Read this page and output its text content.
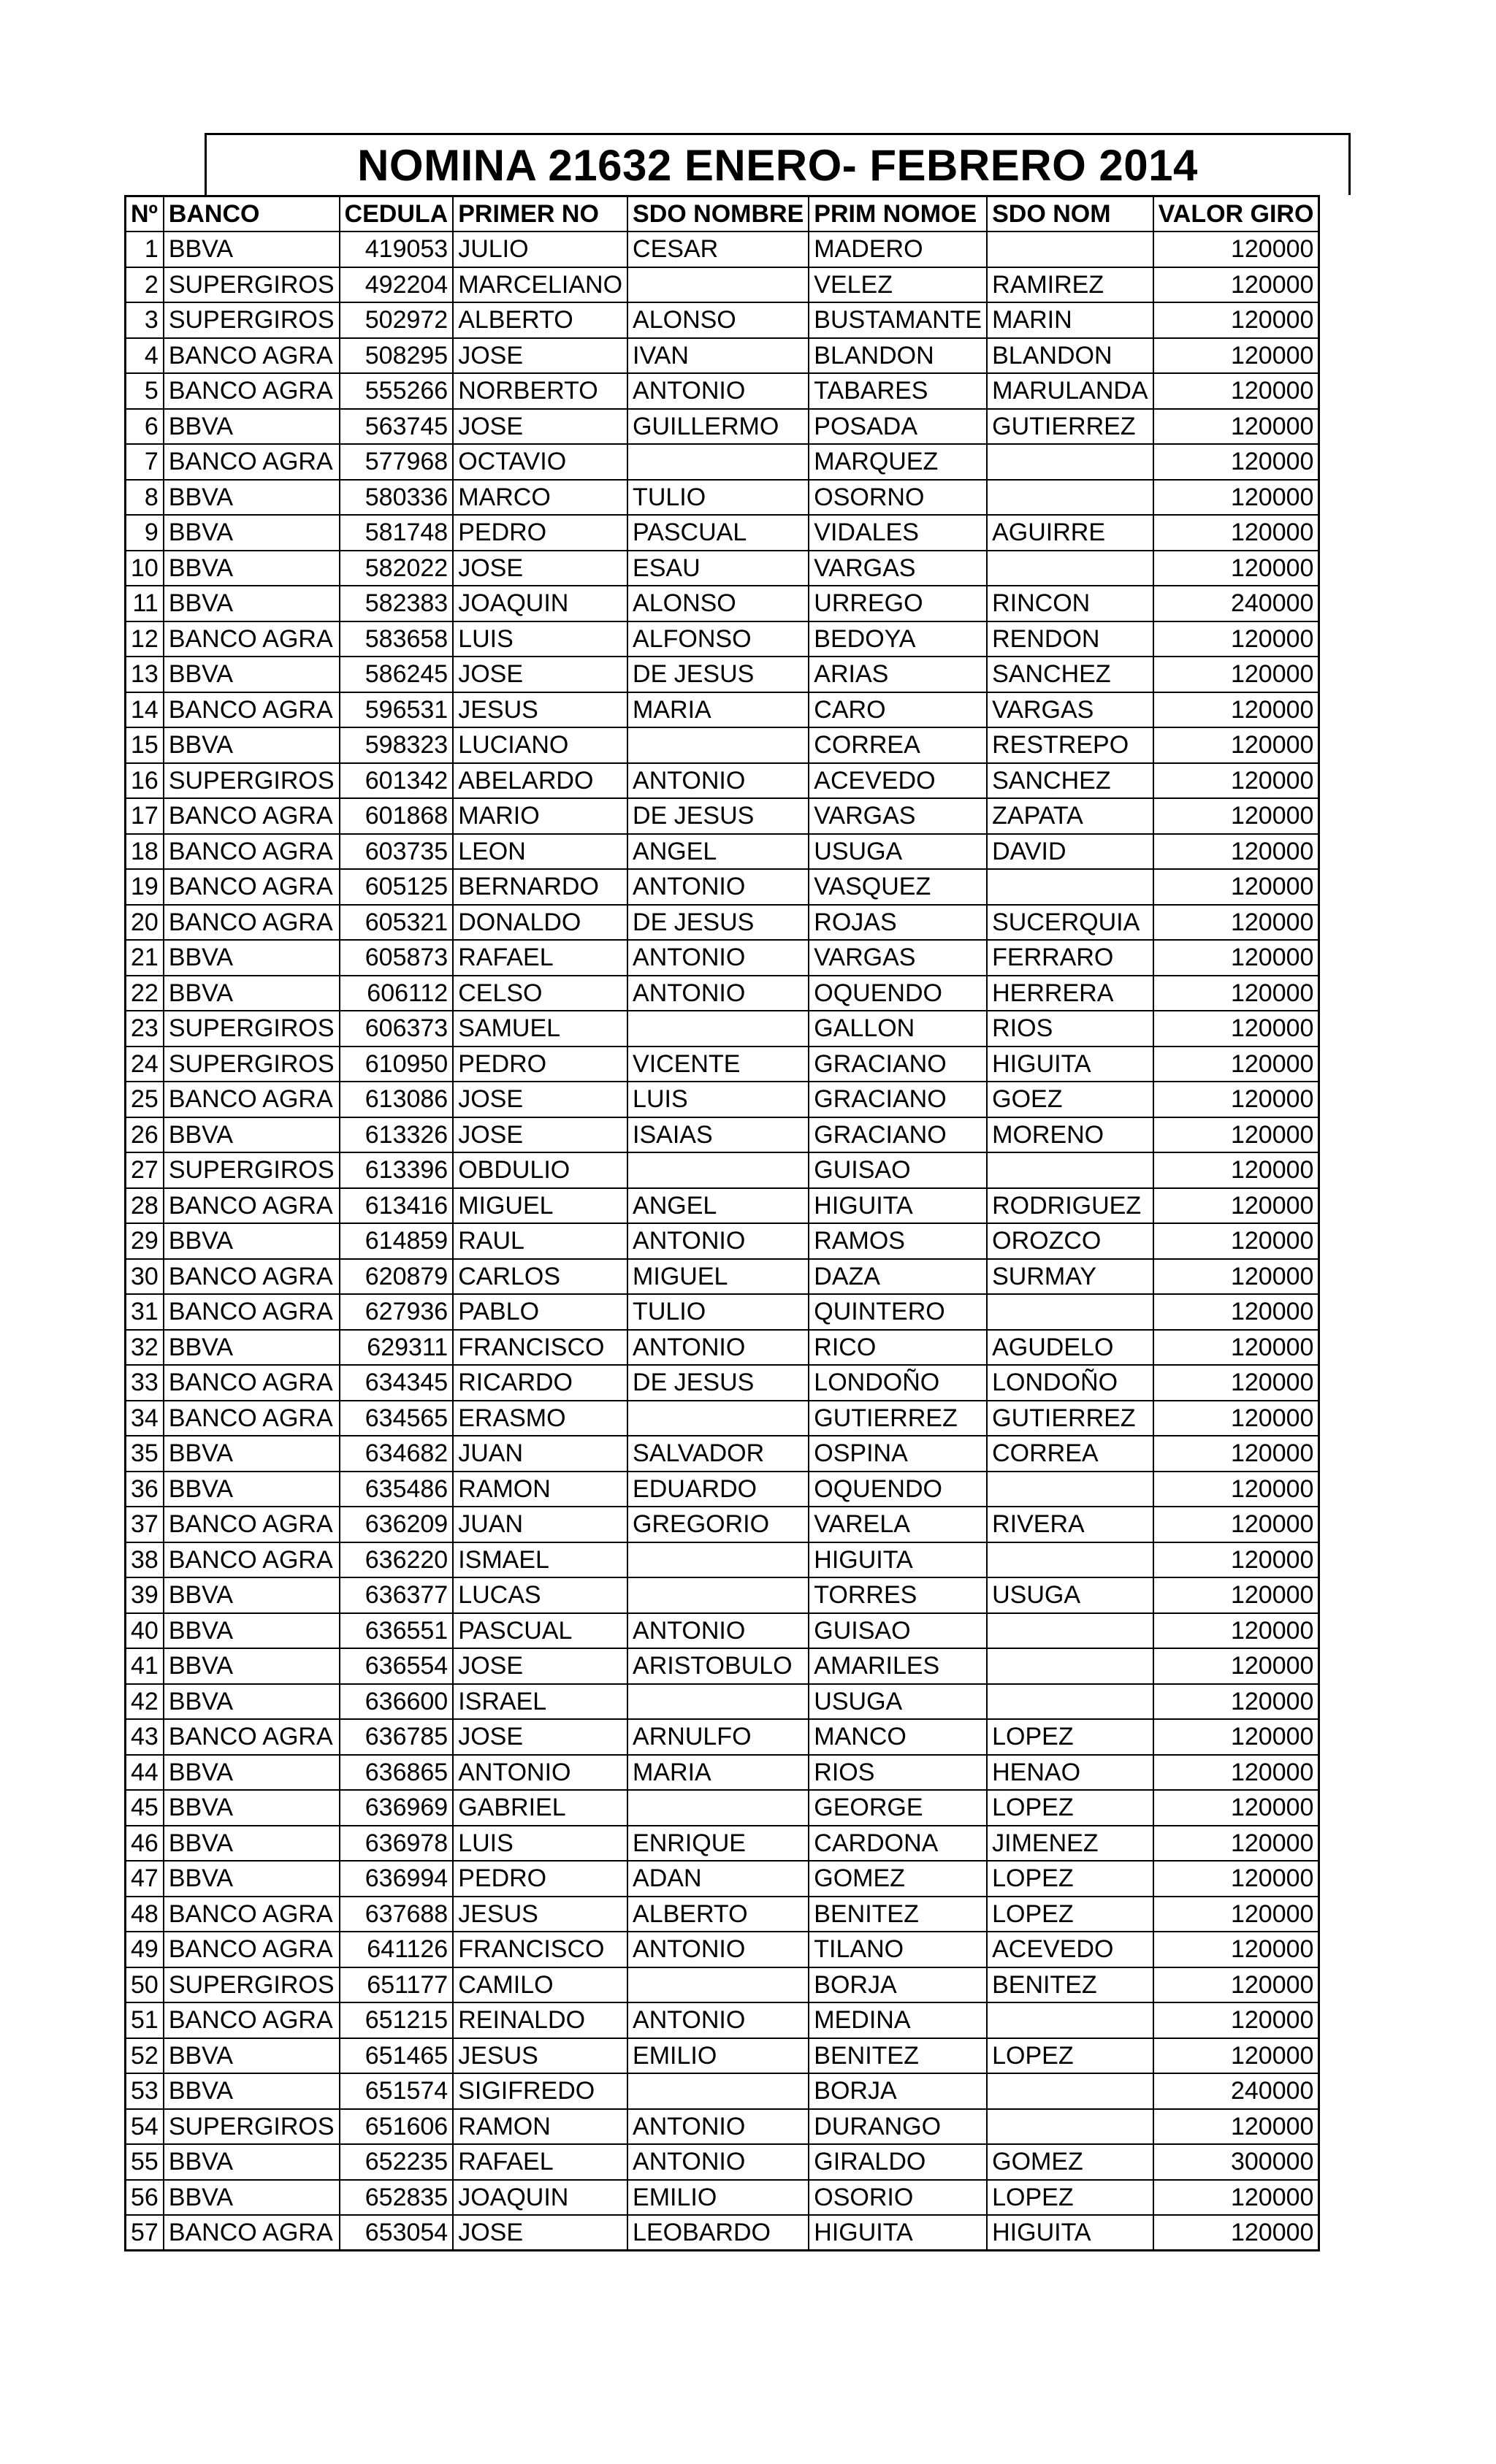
NOMINA 21632 ENERO- FEBRERO 2014
Nº	BANCO	CEDULA	PRIMER NO	SDO NOMBRE	PRIM NOMOE	SDO NOM	VALOR GIRO
1	BBVA	419053	JULIO	CESAR	MADERO		120000
2	SUPERGIROS	492204	MARCELIANO		VELEZ	RAMIREZ	120000
3	SUPERGIROS	502972	ALBERTO	ALONSO	BUSTAMANTE	MARIN	120000
4	BANCO AGRA	508295	JOSE	IVAN	BLANDON	BLANDON	120000
5	BANCO AGRA	555266	NORBERTO	ANTONIO	TABARES	MARULANDA	120000
6	BBVA	563745	JOSE	GUILLERMO	POSADA	GUTIERREZ	120000
7	BANCO AGRA	577968	OCTAVIO		MARQUEZ		120000
8	BBVA	580336	MARCO	TULIO	OSORNO		120000
9	BBVA	581748	PEDRO	PASCUAL	VIDALES	AGUIRRE	120000
10	BBVA	582022	JOSE	ESAU	VARGAS		120000
11	BBVA	582383	JOAQUIN	ALONSO	URREGO	RINCON	240000
12	BANCO AGRA	583658	LUIS	ALFONSO	BEDOYA	RENDON	120000
13	BBVA	586245	JOSE	DE JESUS	ARIAS	SANCHEZ	120000
14	BANCO AGRA	596531	JESUS	MARIA	CARO	VARGAS	120000
15	BBVA	598323	LUCIANO		CORREA	RESTREPO	120000
16	SUPERGIROS	601342	ABELARDO	ANTONIO	ACEVEDO	SANCHEZ	120000
17	BANCO AGRA	601868	MARIO	DE JESUS	VARGAS	ZAPATA	120000
18	BANCO AGRA	603735	LEON	ANGEL	USUGA	DAVID	120000
19	BANCO AGRA	605125	BERNARDO	ANTONIO	VASQUEZ		120000
20	BANCO AGRA	605321	DONALDO	DE JESUS	ROJAS	SUCERQUIA	120000
21	BBVA	605873	RAFAEL	ANTONIO	VARGAS	FERRARO	120000
22	BBVA	606112	CELSO	ANTONIO	OQUENDO	HERRERA	120000
23	SUPERGIROS	606373	SAMUEL		GALLON	RIOS	120000
24	SUPERGIROS	610950	PEDRO	VICENTE	GRACIANO	HIGUITA	120000
25	BANCO AGRA	613086	JOSE	LUIS	GRACIANO	GOEZ	120000
26	BBVA	613326	JOSE	ISAIAS	GRACIANO	MORENO	120000
27	SUPERGIROS	613396	OBDULIO		GUISAO		120000
28	BANCO AGRA	613416	MIGUEL	ANGEL	HIGUITA	RODRIGUEZ	120000
29	BBVA	614859	RAUL	ANTONIO	RAMOS	OROZCO	120000
30	BANCO AGRA	620879	CARLOS	MIGUEL	DAZA	SURMAY	120000
31	BANCO AGRA	627936	PABLO	TULIO	QUINTERO		120000
32	BBVA	629311	FRANCISCO	ANTONIO	RICO	AGUDELO	120000
33	BANCO AGRA	634345	RICARDO	DE JESUS	LONDOÑO	LONDOÑO	120000
34	BANCO AGRA	634565	ERASMO		GUTIERREZ	GUTIERREZ	120000
35	BBVA	634682	JUAN	SALVADOR	OSPINA	CORREA	120000
36	BBVA	635486	RAMON	EDUARDO	OQUENDO		120000
37	BANCO AGRA	636209	JUAN	GREGORIO	VARELA	RIVERA	120000
38	BANCO AGRA	636220	ISMAEL		HIGUITA		120000
39	BBVA	636377	LUCAS		TORRES	USUGA	120000
40	BBVA	636551	PASCUAL	ANTONIO	GUISAO		120000
41	BBVA	636554	JOSE	ARISTOBULO	AMARILES		120000
42	BBVA	636600	ISRAEL		USUGA		120000
43	BANCO AGRA	636785	JOSE	ARNULFO	MANCO	LOPEZ	120000
44	BBVA	636865	ANTONIO	MARIA	RIOS	HENAO	120000
45	BBVA	636969	GABRIEL		GEORGE	LOPEZ	120000
46	BBVA	636978	LUIS	ENRIQUE	CARDONA	JIMENEZ	120000
47	BBVA	636994	PEDRO	ADAN	GOMEZ	LOPEZ	120000
48	BANCO AGRA	637688	JESUS	ALBERTO	BENITEZ	LOPEZ	120000
49	BANCO AGRA	641126	FRANCISCO	ANTONIO	TILANO	ACEVEDO	120000
50	SUPERGIROS	651177	CAMILO		BORJA	BENITEZ	120000
51	BANCO AGRA	651215	REINALDO	ANTONIO	MEDINA		120000
52	BBVA	651465	JESUS	EMILIO	BENITEZ	LOPEZ	120000
53	BBVA	651574	SIGIFREDO		BORJA		240000
54	SUPERGIROS	651606	RAMON	ANTONIO	DURANGO		120000
55	BBVA	652235	RAFAEL	ANTONIO	GIRALDO	GOMEZ	300000
56	BBVA	652835	JOAQUIN	EMILIO	OSORIO	LOPEZ	120000
57	BANCO AGRA	653054	JOSE	LEOBARDO	HIGUITA	HIGUITA	120000
